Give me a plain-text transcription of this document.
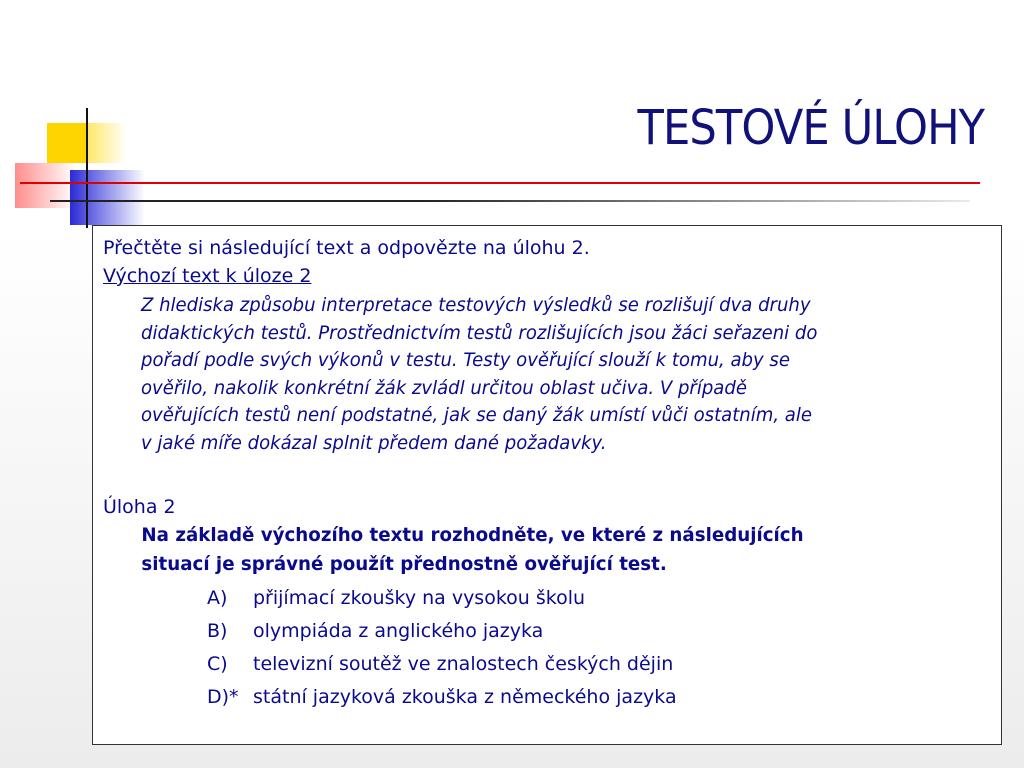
TESTOVÉ ÚLOHY

Přečtěte si následující text a odpovězte na úlohu 2.

Výchozí text k úloze 2

Z hlediska způsobu interpretace testových výsledků se rozlišují dva druhy
didaktických testů. Prostřednictvím testů rozlišujících jsou žáci seřazeni do
pořadí podle svých výkonů v testu. Testy ověřující slouží k tomu, aby se
ověřilo, nakolik konkrétní žák zvládl určitou oblast učiva. V případě
ověřujících testů není podstatné, jak se daný žák umístí vůči ostatním, ale
v jaké míře dokázal splnit předem dané požadavky.

Úloha 2

Na základě výchozího textu rozhodněte, ve které z následujících
situací je správné použít přednostně ověřující test.
A)	přijímací zkoušky na vysokou školu
B)	olympiáda z anglického jazyka
C)	televizní soutěž ve znalostech českých dějin
D)* státní jazyková zkouška z německého jazyka
